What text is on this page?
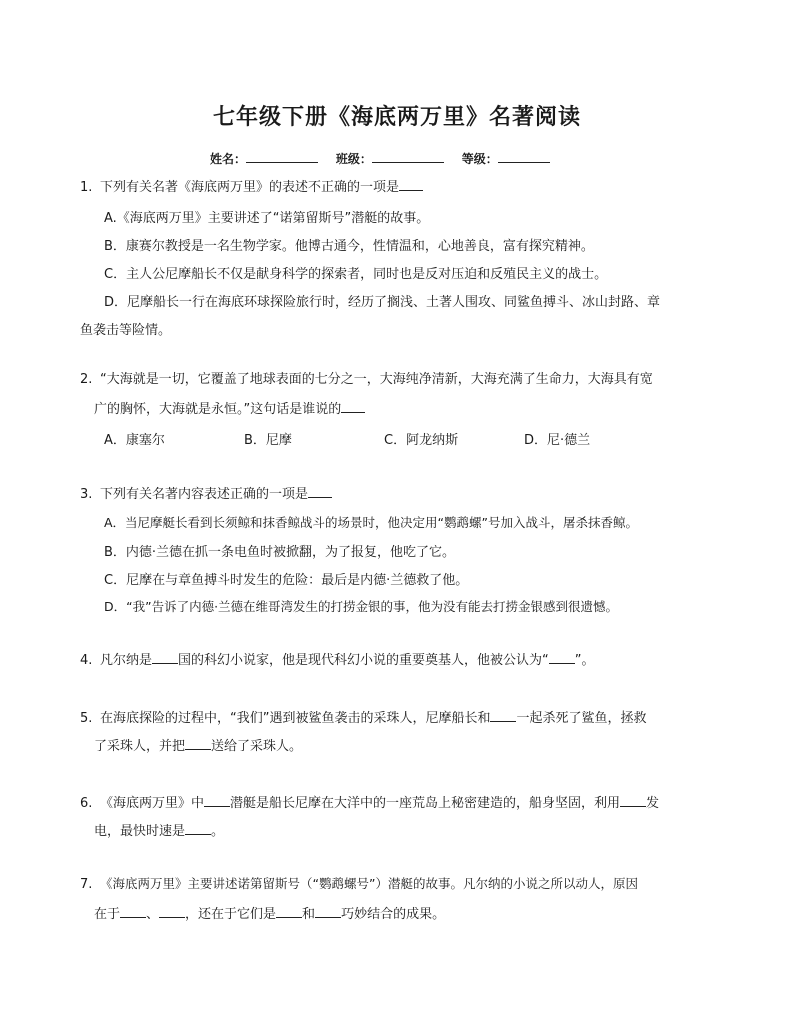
七年级下册《海底两万里》名著阅读
姓名：	班级：	等级：
1. 下列有关名著《海底两万里》的表述不正确的一项是
A.《海底两万里》主要讲述了“诺第留斯号”潜艇的故事。
B．康赛尔教授是一名生物学家。他博古通今，性情温和，心地善良，富有探究精神。
C．主人公尼摩船长不仅是献身科学的探索者，同时也是反对压迫和反殖民主义的战士。
D．尼摩船长一行在海底环球探险旅行时，经历了搁浅、土著人围攻、同鲨鱼搏斗、冰山封路、章
鱼袭击等险情。
2. “大海就是一切，它覆盖了地球表面的七分之一，大海纯净清新，大海充满了生命力，大海具有宽
广的胸怀，大海就是永恒。”这句话是谁说的
A．康塞尔	B．尼摩	C．阿龙纳斯	D．尼·德兰
3. 下列有关名著内容表述正确的一项是
A．当尼摩艇长看到长须鲸和抹香鲸战斗的场景时，他决定用“鹦鹉螺”号加入战斗，屠杀抹香鲸。
B．内德·兰德在抓一条电鱼时被掀翻，为了报复，他吃了它。
C．尼摩在与章鱼搏斗时发生的危险：最后是内德·兰德救了他。
D．“我”告诉了内德·兰德在维哥湾发生的打捞金银的事，他为没有能去打捞金银感到很遗憾。
4. 凡尔纳是 国的科幻小说家，他是现代科幻小说的重要奠基人，他被公认为“ ”。
5. 在海底探险的过程中，“我们”遇到被鲨鱼袭击的采珠人，尼摩船长和 一起杀死了鲨鱼，拯救
了采珠人，并把 送给了采珠人。
6. 《海底两万里》中 潜艇是船长尼摩在大洋中的一座荒岛上秘密建造的，船身坚固，利用 发
电，最快时速是 。
7. 《海底两万里》主要讲述诺第留斯号（“鹦鹉螺号”）潜艇的故事。凡尔纳的小说之所以动人，原因
在于 、 ，还在于它们是 和 巧妙结合的成果。
